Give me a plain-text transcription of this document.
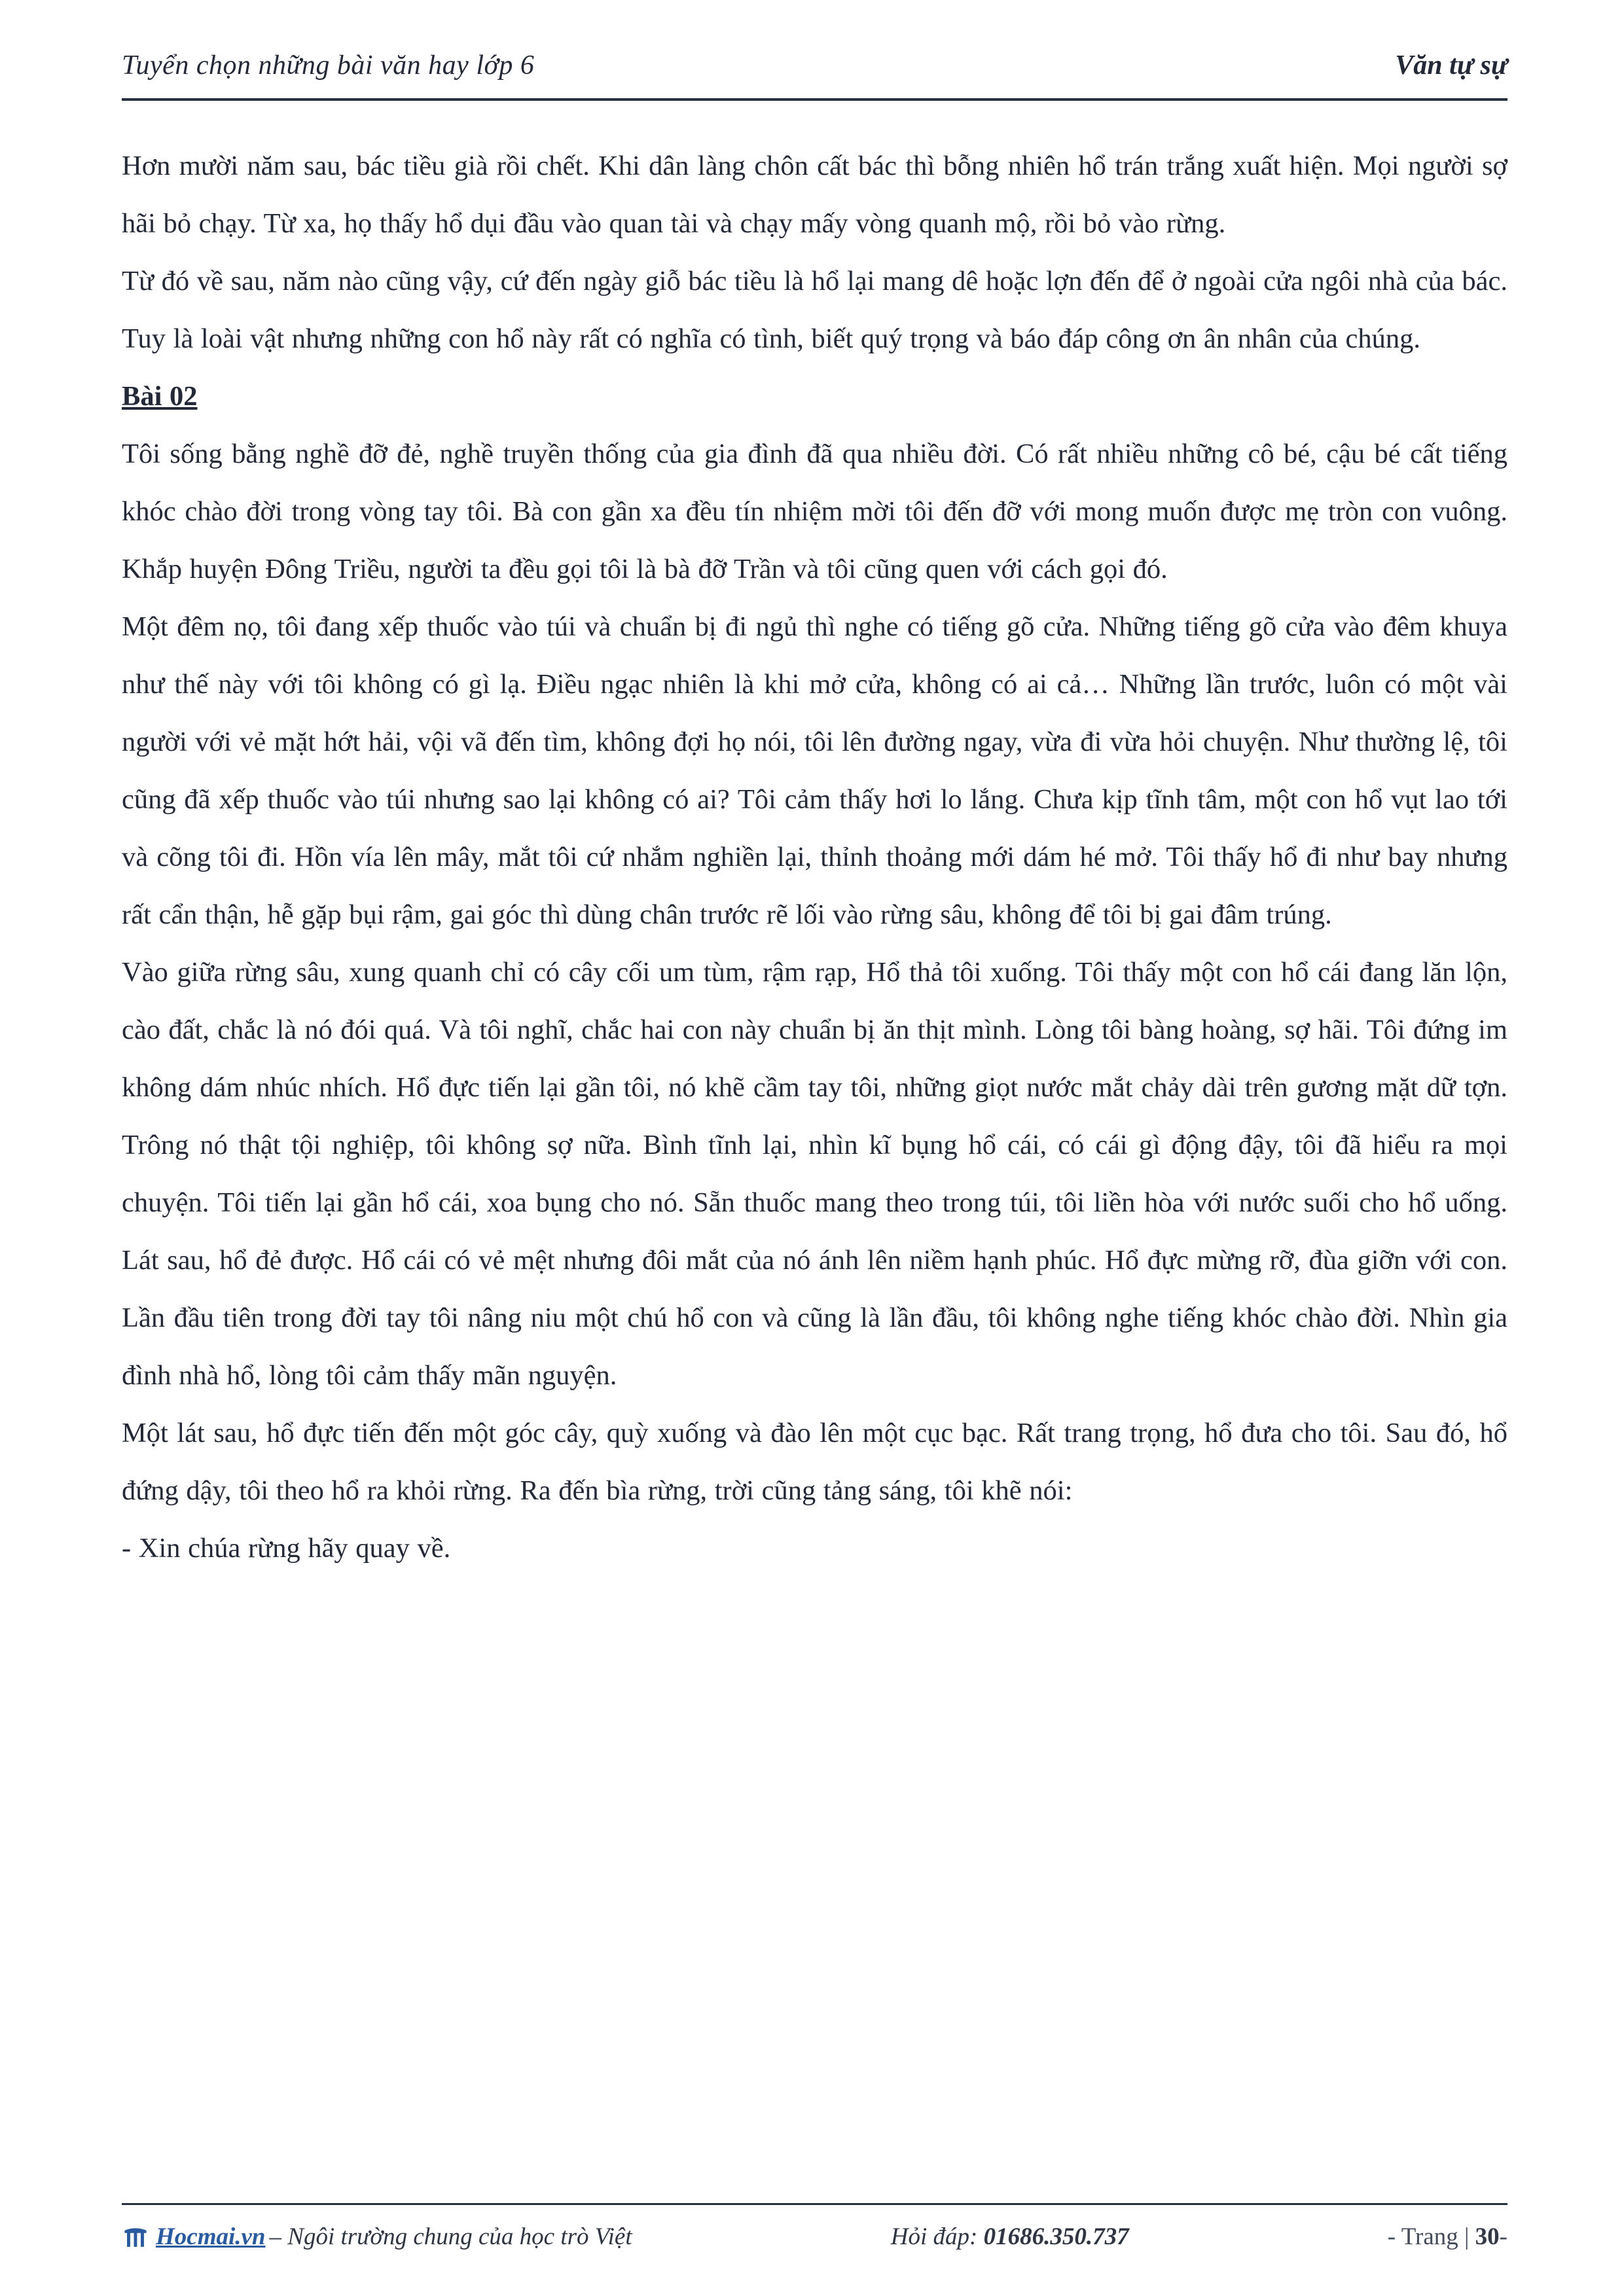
Tuyển chọn những bài văn hay lớp 6	Văn tự sự

Hơn mười năm sau, bác tiều già rồi chết. Khi dân làng chôn cất bác thì bỗng nhiên hổ trán trắng xuất hiện. Mọi người sợ hãi bỏ chạy. Từ xa, họ thấy hổ dụi đầu vào quan tài và chạy mấy vòng quanh mộ, rồi bỏ vào rừng.

Từ đó về sau, năm nào cũng vậy, cứ đến ngày giỗ bác tiều là hổ lại mang dê hoặc lợn đến để ở ngoài cửa ngôi nhà của bác. Tuy là loài vật nhưng những con hổ này rất có nghĩa có tình, biết quý trọng và báo đáp công ơn ân nhân của chúng.

Bài 02

Tôi sống bằng nghề đỡ đẻ, nghề truyền thống của gia đình đã qua nhiều đời. Có rất nhiều những cô bé, cậu bé cất tiếng khóc chào đời trong vòng tay tôi. Bà con gần xa đều tín nhiệm mời tôi đến đỡ với mong muốn được mẹ tròn con vuông. Khắp huyện Đông Triều, người ta đều gọi tôi là bà đỡ Trần và tôi cũng quen với cách gọi đó.

Một đêm nọ, tôi đang xếp thuốc vào túi và chuẩn bị đi ngủ thì nghe có tiếng gõ cửa. Những tiếng gõ cửa vào đêm khuya như thế này với tôi không có gì lạ. Điều ngạc nhiên là khi mở cửa, không có ai cả… Những lần trước, luôn có một vài người với vẻ mặt hớt hải, vội vã đến tìm, không đợi họ nói, tôi lên đường ngay, vừa đi vừa hỏi chuyện. Như thường lệ, tôi cũng đã xếp thuốc vào túi nhưng sao lại không có ai? Tôi cảm thấy hơi lo lắng. Chưa kịp tĩnh tâm, một con hổ vụt lao tới và cõng tôi đi. Hồn vía lên mây, mắt tôi cứ nhắm nghiền lại, thỉnh thoảng mới dám hé mở. Tôi thấy hổ đi như bay nhưng rất cẩn thận, hễ gặp bụi rậm, gai góc thì dùng chân trước rẽ lối vào rừng sâu, không để tôi bị gai đâm trúng.

Vào giữa rừng sâu, xung quanh chỉ có cây cối um tùm, rậm rạp, Hổ thả tôi xuống. Tôi thấy một con hổ cái đang lăn lộn, cào đất, chắc là nó đói quá. Và tôi nghĩ, chắc hai con này chuẩn bị ăn thịt mình. Lòng tôi bàng hoàng, sợ hãi. Tôi đứng im không dám nhúc nhích. Hổ đực tiến lại gần tôi, nó khẽ cầm tay tôi, những giọt nước mắt chảy dài trên gương mặt dữ tợn. Trông nó thật tội nghiệp, tôi không sợ nữa. Bình tĩnh lại, nhìn kĩ bụng hổ cái, có cái gì động đậy, tôi đã hiểu ra mọi chuyện. Tôi tiến lại gần hổ cái, xoa bụng cho nó. Sẵn thuốc mang theo trong túi, tôi liền hòa với nước suối cho hổ uống. Lát sau, hổ đẻ được. Hổ cái có vẻ mệt nhưng đôi mắt của nó ánh lên niềm hạnh phúc. Hổ đực mừng rỡ, đùa giỡn với con. Lần đầu tiên trong đời tay tôi nâng niu một chú hổ con và cũng là lần đầu, tôi không nghe tiếng khóc chào đời. Nhìn gia đình nhà hổ, lòng tôi cảm thấy mãn nguyện.

Một lát sau, hổ đực tiến đến một góc cây, quỳ xuống và đào lên một cục bạc. Rất trang trọng, hổ đưa cho tôi. Sau đó, hổ đứng dậy, tôi theo hổ ra khỏi rừng. Ra đến bìa rừng, trời cũng tảng sáng, tôi khẽ nói:

- Xin chúa rừng hãy quay về.

Hocmai.vn – Ngôi trường chung của học trò Việt	Hỏi đáp: 01686.350.737	- Trang | 30-
